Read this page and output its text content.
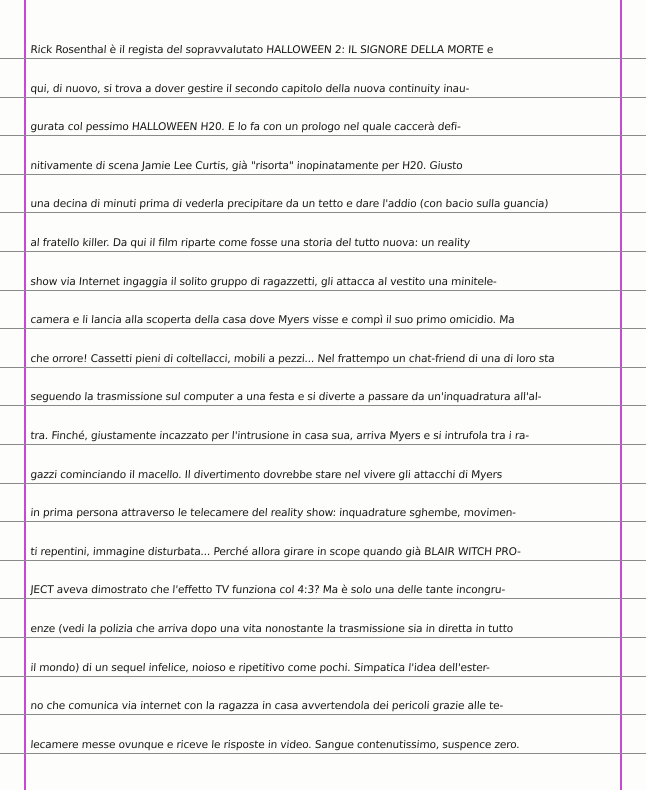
Rick Rosenthal è il regista del sopravvalutato HALLOWEEN 2: IL SIGNORE DELLA MORTE e
qui, di nuovo, si trova a dover gestire il secondo capitolo della nuova continuity inau-
gurata col pessimo HALLOWEEN H20. E lo fa con un prologo nel quale caccerà defi-
nitivamente di scena Jamie Lee Curtis, già "risorta" inopinatamente per H20. Giusto
una decina di minuti prima di vederla precipitare da un tetto e dare l'addio (con bacio sulla guancia)
al fratello killer. Da qui il film riparte come fosse una storia del tutto nuova: un reality
show via Internet ingaggia il solito gruppo di ragazzetti, gli attacca al vestito una minitele-
camera e li lancia alla scoperta della casa dove Myers visse e compì il suo primo omicidio. Ma
che orrore! Cassetti pieni di coltellacci, mobili a pezzi... Nel frattempo un chat-friend di una di loro sta
seguendo la trasmissione sul computer a una festa e si diverte a passare da un'inquadratura all'al-
tra. Finché, giustamente incazzato per l'intrusione in casa sua, arriva Myers e si intrufola tra i ra-
gazzi cominciando il macello. Il divertimento dovrebbe stare nel vivere gli attacchi di Myers
in prima persona attraverso le telecamere del reality show: inquadrature sghembe, movimen-
ti repentini, immagine disturbata... Perché allora girare in scope quando già BLAIR WITCH PRO-
JECT aveva dimostrato che l'effetto TV funziona col 4:3? Ma è solo una delle tante incongru-
enze (vedi la polizia che arriva dopo una vita nonostante la trasmissione sia in diretta in tutto
il mondo) di un sequel infelice, noioso e ripetitivo come pochi. Simpatica l'idea dell'ester-
no che comunica via internet con la ragazza in casa avvertendola dei pericoli grazie alle te-
lecamere messe ovunque e riceve le risposte in video. Sangue contenutissimo, suspence zero.
